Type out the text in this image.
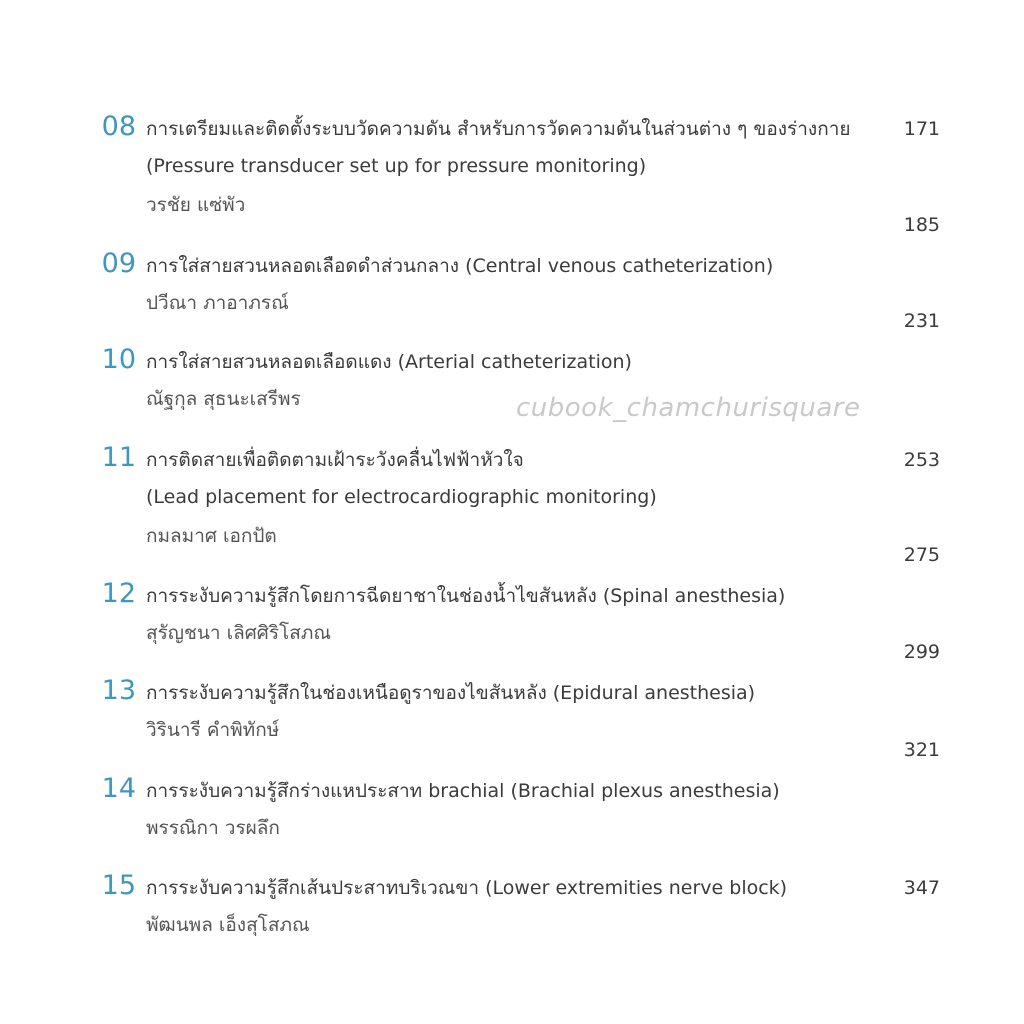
08 การเตรียมและติดตั้งระบบวัดความดัน สำหรับการวัดความดันในส่วนต่าง ๆ ของร่างกาย
(Pressure transducer set up for pressure monitoring)
วรชัย แซ่พัว
171
09 การใส่สายสวนหลอดเลือดดำส่วนกลาง (Central venous catheterization)
ปวีณา ภาอาภรณ์
185
10 การใส่สายสวนหลอดเลือดแดง (Arterial catheterization)
ณัฐกุล สุธนะเสรีพร
231
11 การติดสายเพื่อติดตามเฝ้าระวังคลื่นไฟฟ้าหัวใจ
(Lead placement for electrocardiographic monitoring)
กมลมาศ เอกปัต
253
12 การระงับความรู้สึกโดยการฉีดยาชาในช่องน้ำไขสันหลัง (Spinal anesthesia)
สุรัญชนา เลิศศิริโสภณ
275
13 การระงับความรู้สึกในช่องเหนือดูราของไขสันหลัง (Epidural anesthesia)
วิรินารี คำพิทักษ์
299
14 การระงับความรู้สึกร่างแหประสาท brachial (Brachial plexus anesthesia)
พรรณิกา วรผลึก
321
15 การระงับความรู้สึกเส้นประสาทบริเวณขา (Lower extremities nerve block)
พัฒนพล เอ็งสุโสภณ
347
cubook_chamchurisquare
